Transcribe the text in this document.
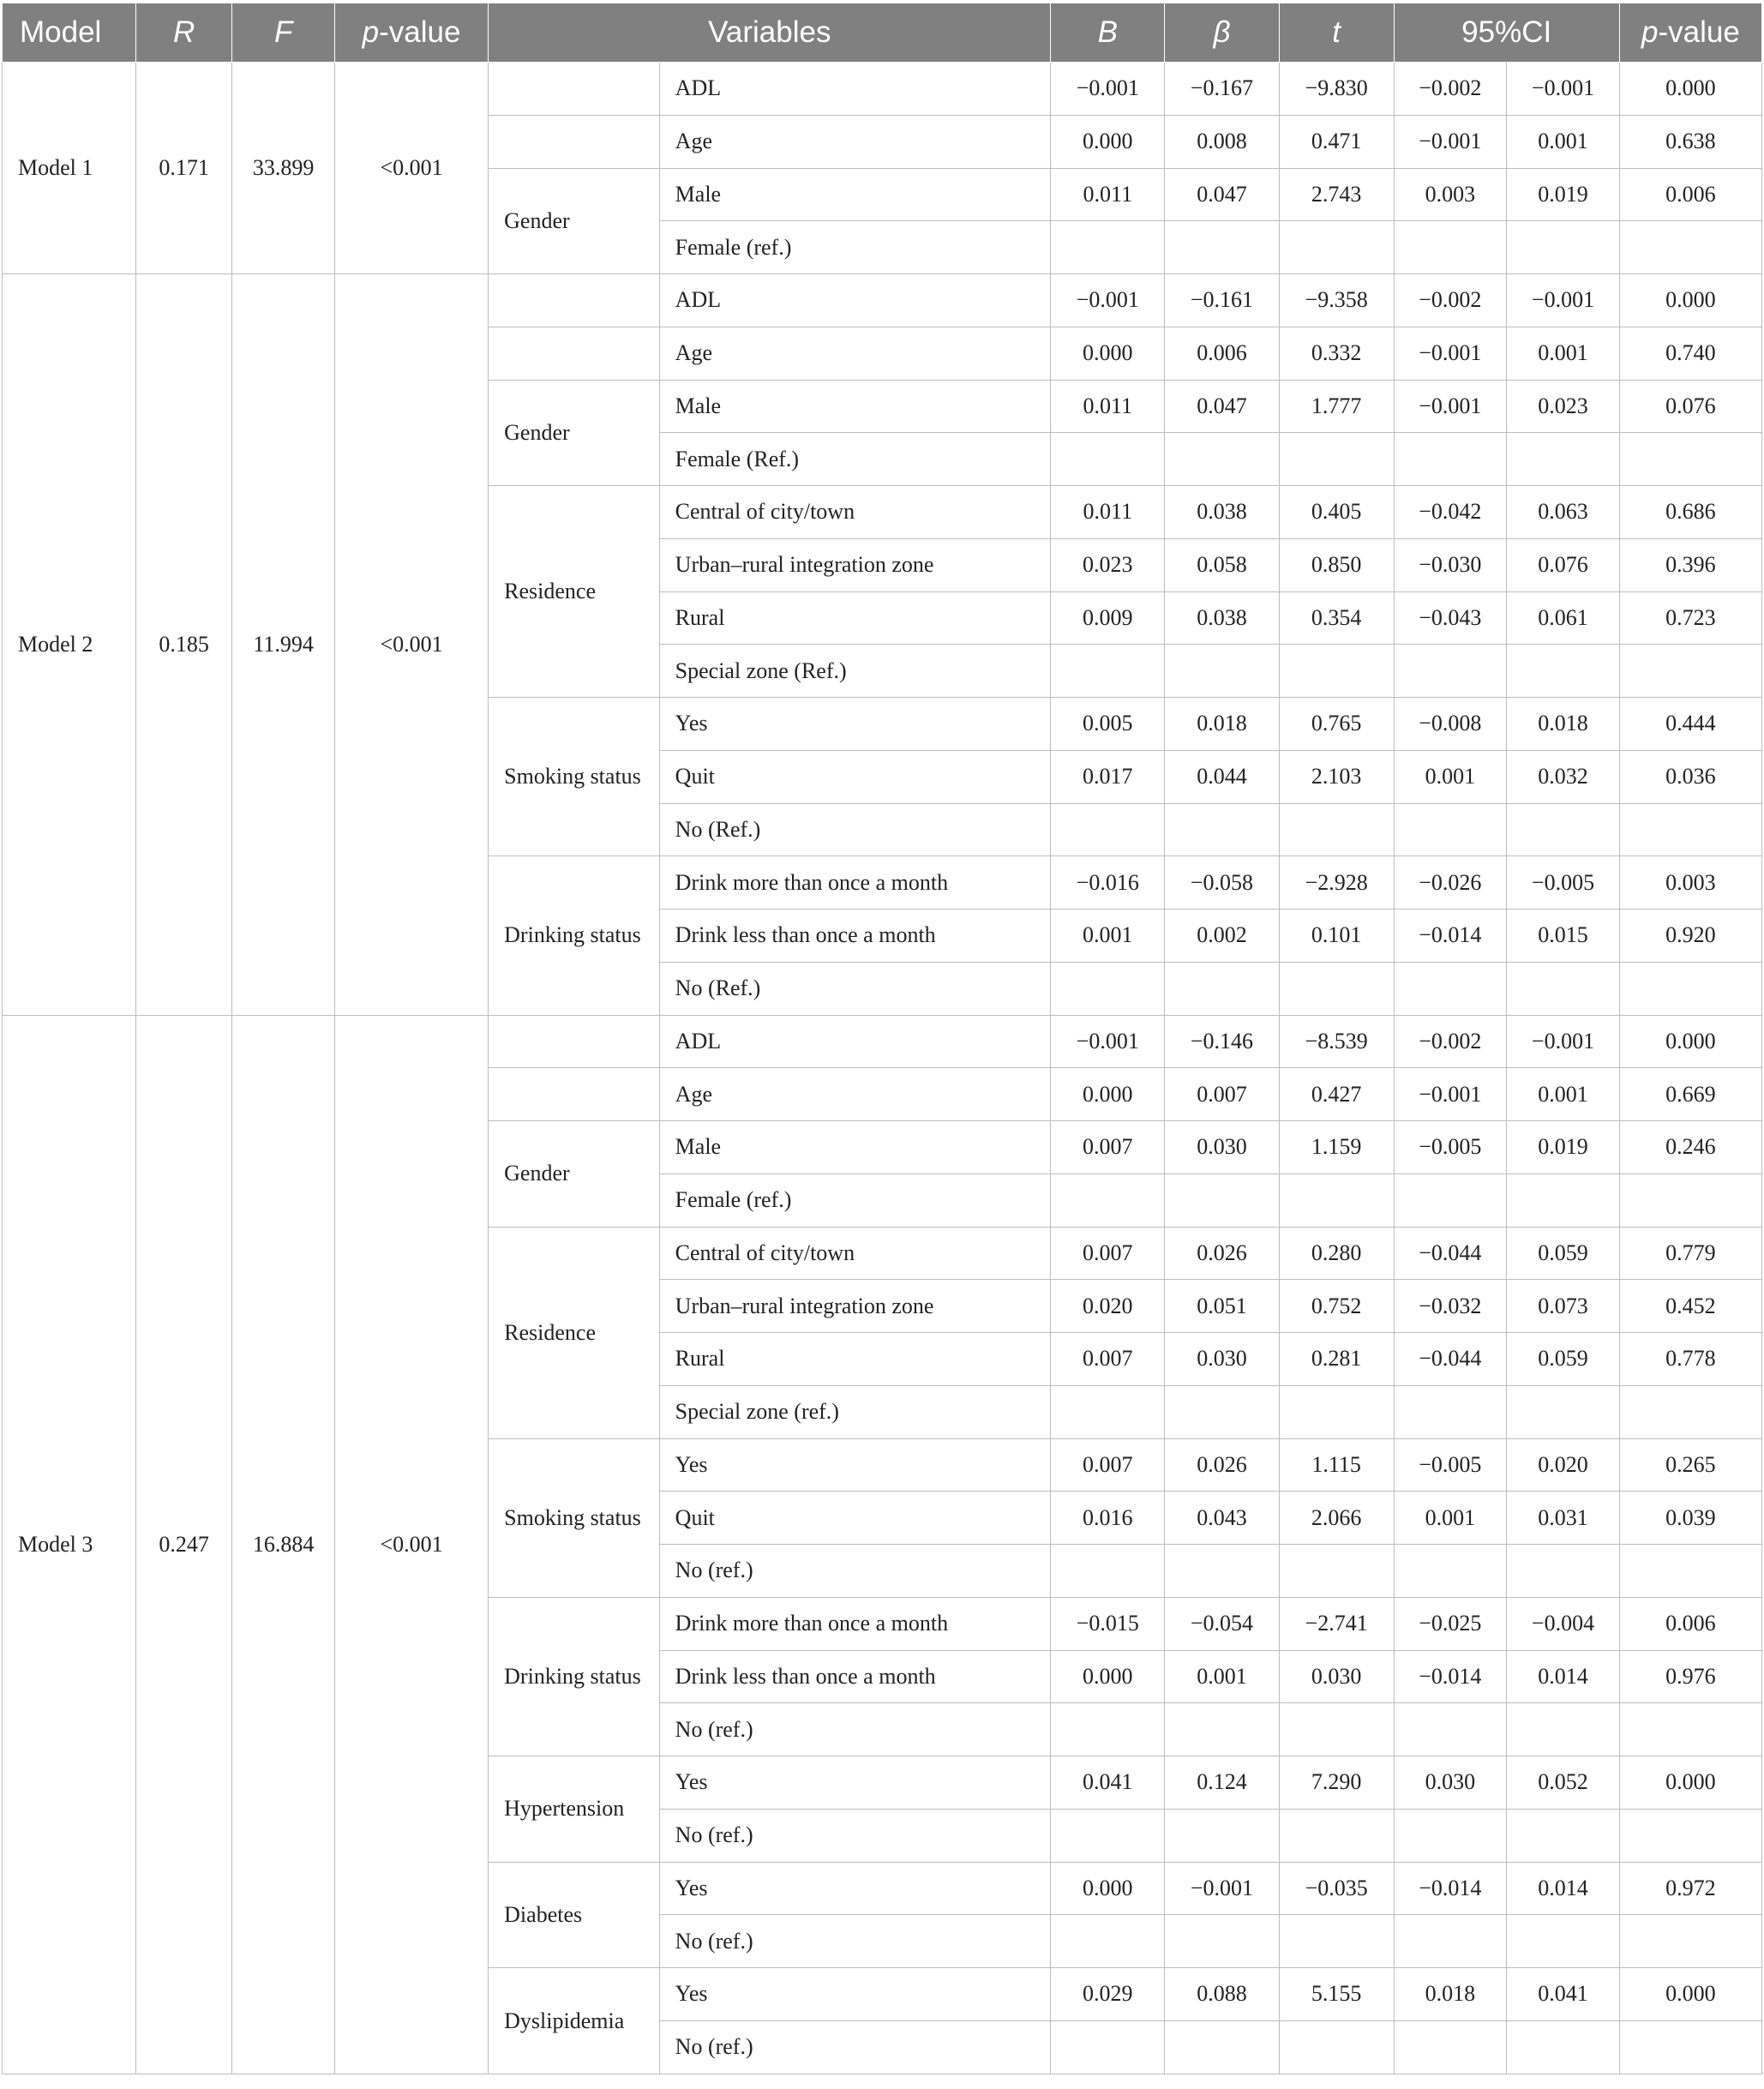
Model	R	F	p-value	Variables		B	β	t	95%CI		p-value
Model 1	0.171	33.899	<0.001		ADL	−0.001	−0.167	−9.830	−0.002	−0.001	0.000

					Age	0.000	0.008	0.471	−0.001	0.001	0.638

				Gender	Male	0.011	0.047	2.743	0.003	0.019	0.006
					Female (ref.)						
Model 2	0.185	11.994	<0.001		ADL	−0.001	−0.161	−9.358	−0.002	−0.001	0.000

					Age	0.000	0.006	0.332	−0.001	0.001	0.740

				Gender	Male	0.011	0.047	1.777	−0.001	0.023	0.076
					Female (Ref.)						

				Residence	Central of city/town	0.011	0.038	0.405	−0.042	0.063	0.686
					Urban–rural integration zone	0.023	0.058	0.850	−0.030	0.076	0.396
					Rural	0.009	0.038	0.354	−0.043	0.061	0.723
					Special zone (Ref.)						

				Smoking status	Yes	0.005	0.018	0.765	−0.008	0.018	0.444
					Quit	0.017	0.044	2.103	0.001	0.032	0.036
					No (Ref.)						

				Drinking status	Drink more than once a month	−0.016	−0.058	−2.928	−0.026	−0.005	0.003
					Drink less than once a month	0.001	0.002	0.101	−0.014	0.015	0.920
					No (Ref.)						
Model 3	0.247	16.884	<0.001		ADL	−0.001	−0.146	−8.539	−0.002	−0.001	0.000

					Age	0.000	0.007	0.427	−0.001	0.001	0.669

				Gender	Male	0.007	0.030	1.159	−0.005	0.019	0.246
					Female (ref.)						

				Residence	Central of city/town	0.007	0.026	0.280	−0.044	0.059	0.779
					Urban–rural integration zone	0.020	0.051	0.752	−0.032	0.073	0.452
					Rural	0.007	0.030	0.281	−0.044	0.059	0.778
					Special zone (ref.)						

				Smoking status	Yes	0.007	0.026	1.115	−0.005	0.020	0.265
					Quit	0.016	0.043	2.066	0.001	0.031	0.039
					No (ref.)						

				Drinking status	Drink more than once a month	−0.015	−0.054	−2.741	−0.025	−0.004	0.006
					Drink less than once a month	0.000	0.001	0.030	−0.014	0.014	0.976
					No (ref.)						

				Hypertension	Yes	0.041	0.124	7.290	0.030	0.052	0.000
					No (ref.)						

				Diabetes	Yes	0.000	−0.001	−0.035	−0.014	0.014	0.972
					No (ref.)						

				Dyslipidemia	Yes	0.029	0.088	5.155	0.018	0.041	0.000
					No (ref.)						
